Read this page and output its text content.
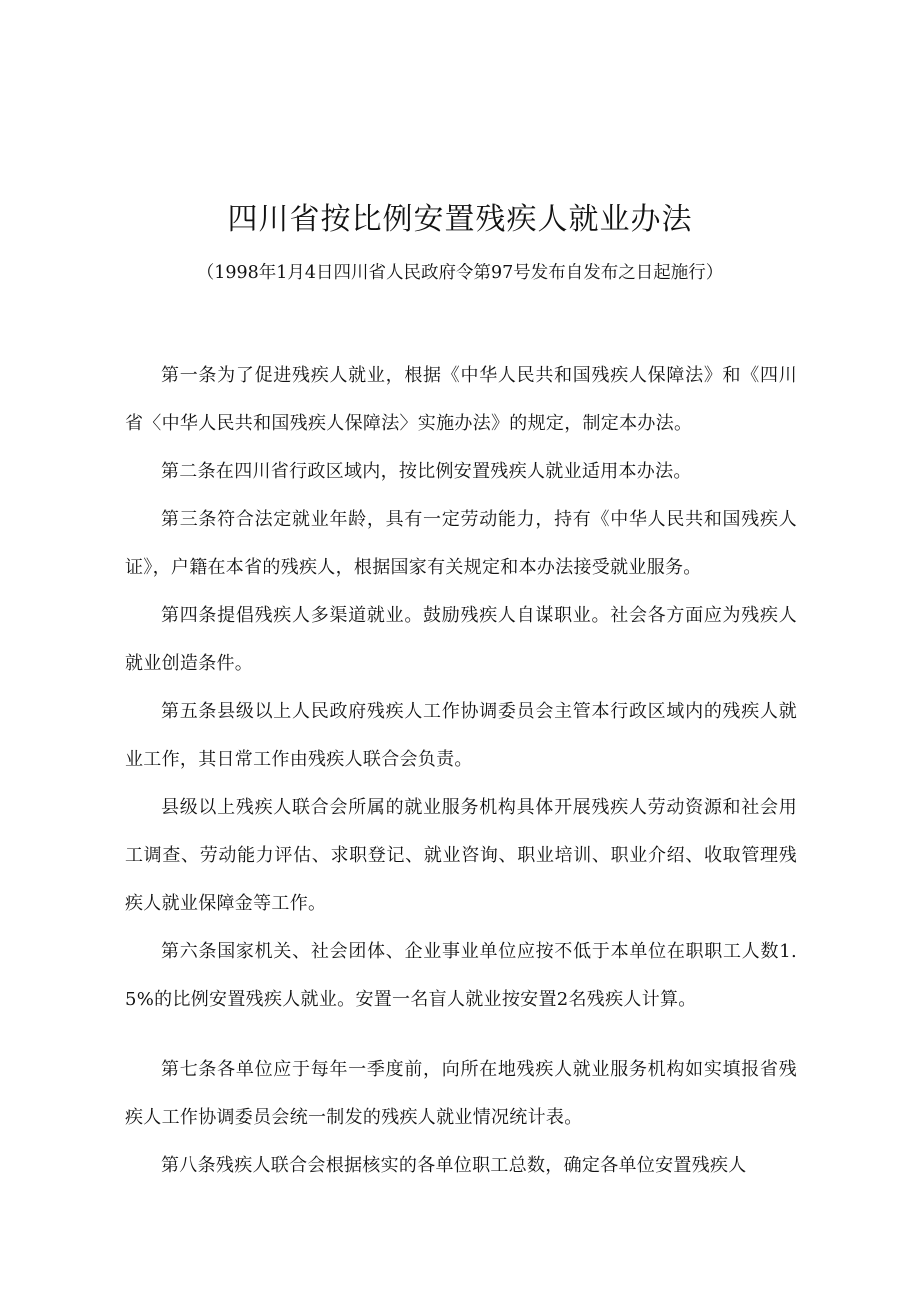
四川省按比例安置残疾人就业办法

（1998年1月4日四川省人民政府令第97号发布自发布之日起施行）

第一条为了促进残疾人就业，根据《中华人民共和国残疾人保障法》和《四川省〈中华人民共和国残疾人保障法〉实施办法》的规定，制定本办法。

第二条在四川省行政区域内，按比例安置残疾人就业适用本办法。

第三条符合法定就业年龄，具有一定劳动能力，持有《中华人民共和国残疾人证》，户籍在本省的残疾人，根据国家有关规定和本办法接受就业服务。

第四条提倡残疾人多渠道就业。鼓励残疾人自谋职业。社会各方面应为残疾人就业创造条件。

第五条县级以上人民政府残疾人工作协调委员会主管本行政区域内的残疾人就业工作，其日常工作由残疾人联合会负责。

县级以上残疾人联合会所属的就业服务机构具体开展残疾人劳动资源和社会用工调查、劳动能力评估、求职登记、就业咨询、职业培训、职业介绍、收取管理残疾人就业保障金等工作。

第六条国家机关、社会团体、企业事业单位应按不低于本单位在职职工人数1.5%的比例安置残疾人就业。安置一名盲人就业按安置2名残疾人计算。

第七条各单位应于每年一季度前，向所在地残疾人就业服务机构如实填报省残疾人工作协调委员会统一制发的残疾人就业情况统计表。

第八条残疾人联合会根据核实的各单位职工总数，确定各单位安置残疾人
